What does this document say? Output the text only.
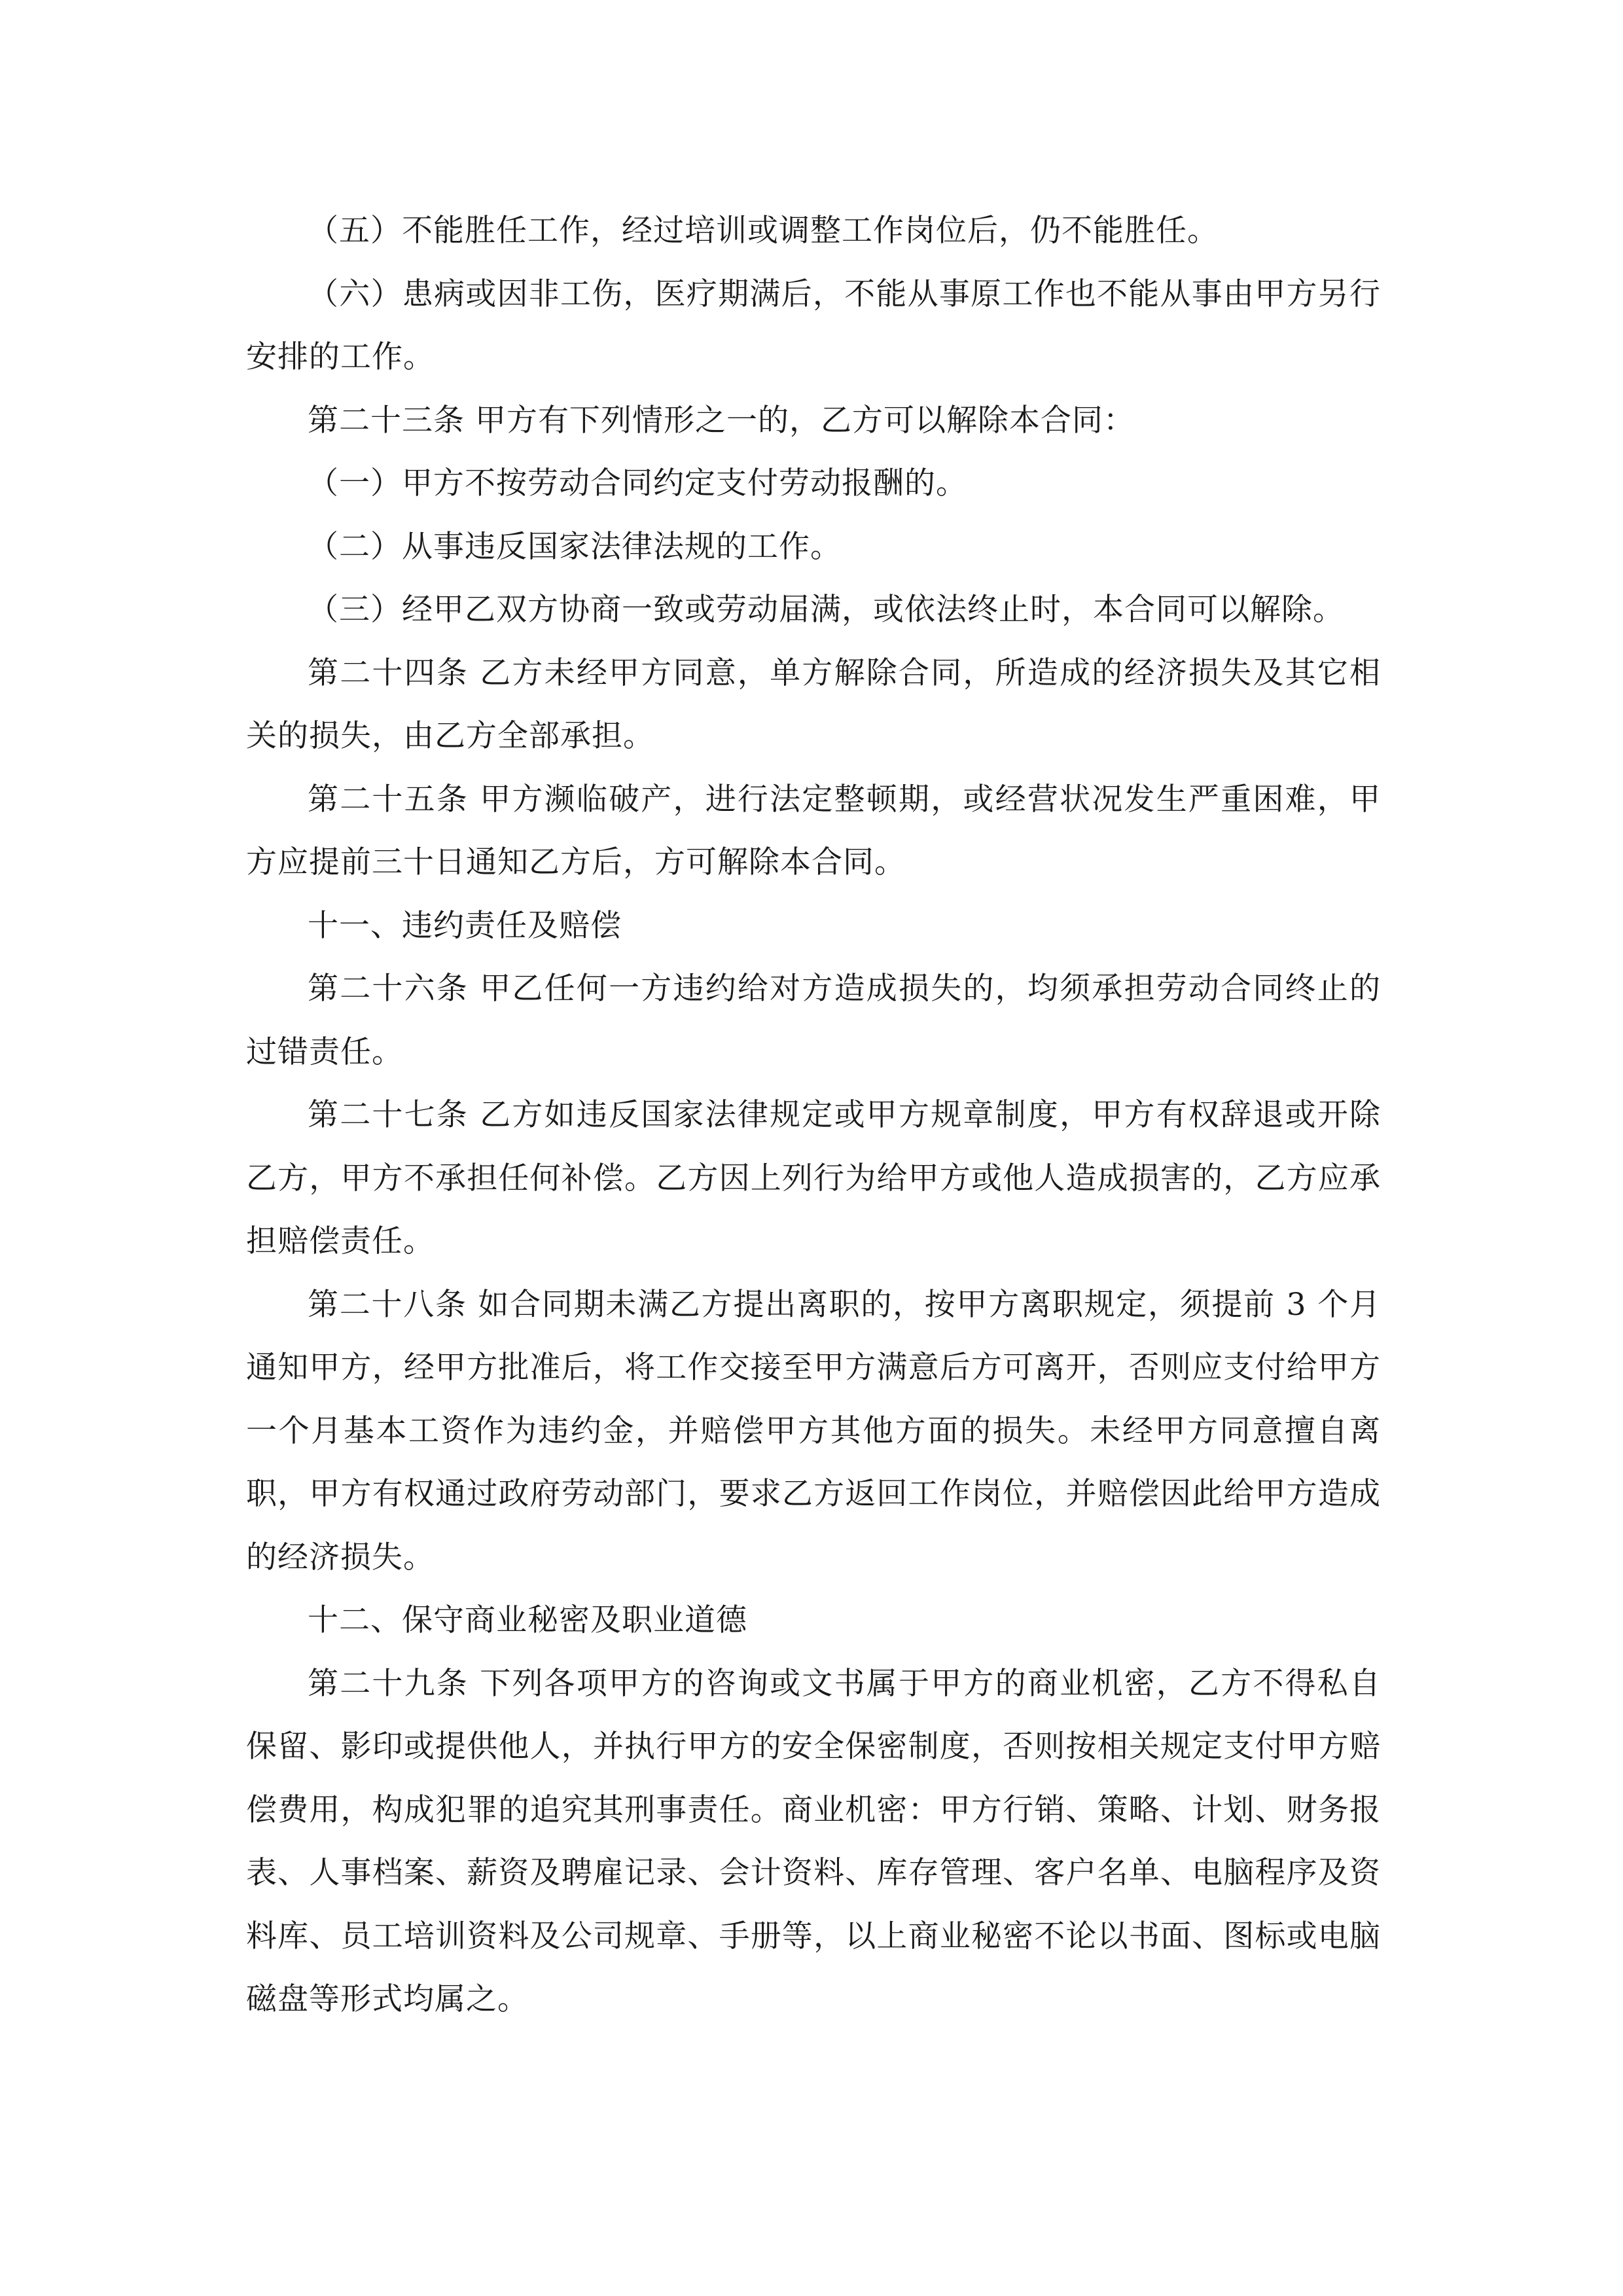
（五）不能胜任工作，经过培训或调整工作岗位后，仍不能胜任。

（六）患病或因非工伤，医疗期满后，不能从事原工作也不能从事由甲方另行安排的工作。

第二十三条 甲方有下列情形之一的，乙方可以解除本合同：

（一）甲方不按劳动合同约定支付劳动报酬的。

（二）从事违反国家法律法规的工作。

（三）经甲乙双方协商一致或劳动届满，或依法终止时，本合同可以解除。

第二十四条 乙方未经甲方同意，单方解除合同，所造成的经济损失及其它相关的损失，由乙方全部承担。

第二十五条 甲方濒临破产，进行法定整顿期，或经营状况发生严重困难，甲方应提前三十日通知乙方后，方可解除本合同。

十一、违约责任及赔偿

第二十六条 甲乙任何一方违约给对方造成损失的，均须承担劳动合同终止的过错责任。

第二十七条 乙方如违反国家法律规定或甲方规章制度，甲方有权辞退或开除乙方，甲方不承担任何补偿。乙方因上列行为给甲方或他人造成损害的，乙方应承担赔偿责任。

第二十八条 如合同期未满乙方提出离职的，按甲方离职规定，须提前 3 个月通知甲方，经甲方批准后，将工作交接至甲方满意后方可离开，否则应支付给甲方一个月基本工资作为违约金，并赔偿甲方其他方面的损失。未经甲方同意擅自离职，甲方有权通过政府劳动部门，要求乙方返回工作岗位，并赔偿因此给甲方造成的经济损失。

十二、保守商业秘密及职业道德

第二十九条 下列各项甲方的咨询或文书属于甲方的商业机密，乙方不得私自保留、影印或提供他人，并执行甲方的安全保密制度，否则按相关规定支付甲方赔偿费用，构成犯罪的追究其刑事责任。商业机密：甲方行销、策略、计划、财务报表、人事档案、薪资及聘雇记录、会计资料、库存管理、客户名单、电脑程序及资料库、员工培训资料及公司规章、手册等，以上商业秘密不论以书面、图标或电脑磁盘等形式均属之。
